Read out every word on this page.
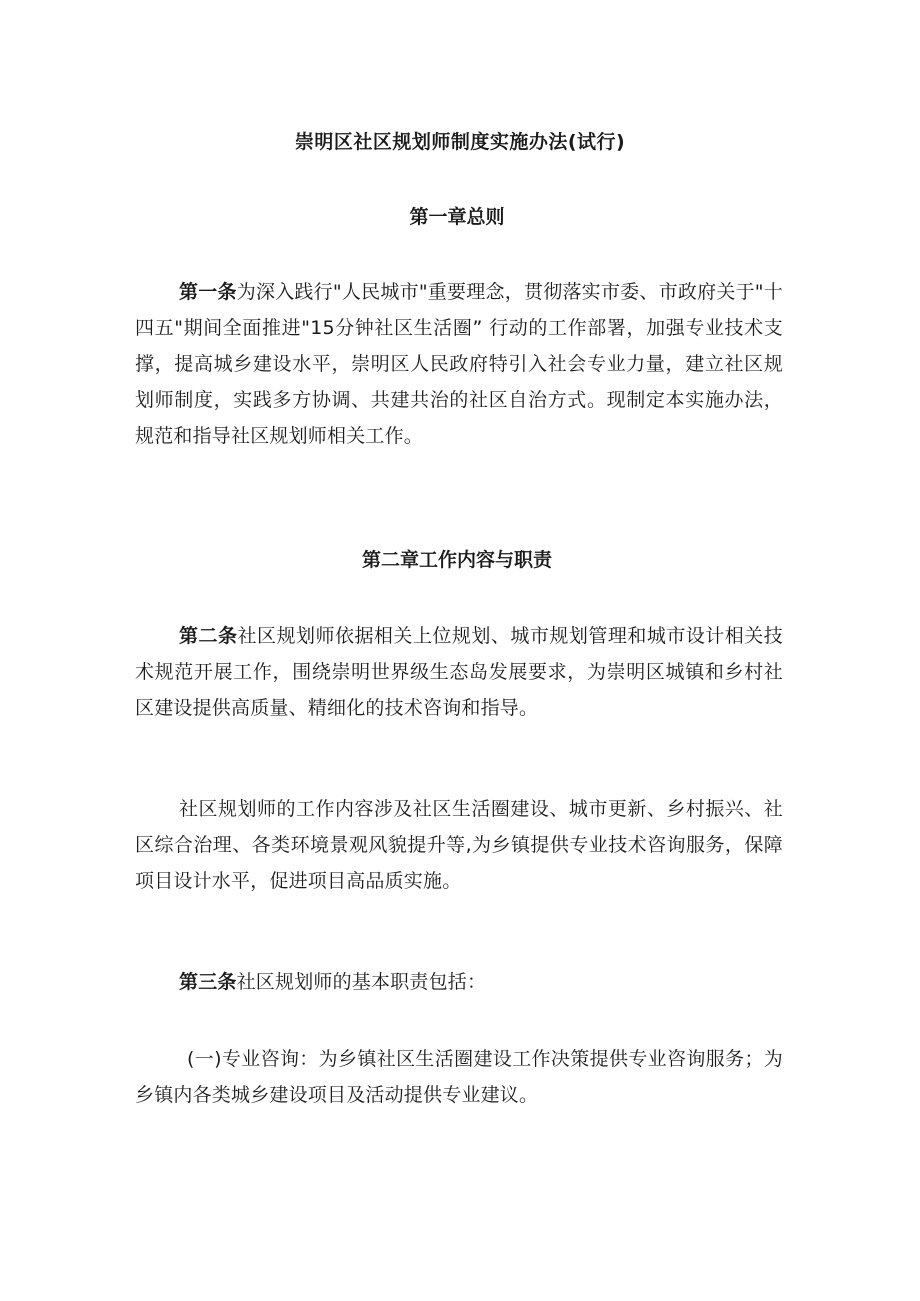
崇明区社区规划师制度实施办法(试行)
第一章总则
第一条为深入践行"人民城市"重要理念，贯彻落实市委、市政府关于"十四五"期间全面推进"15分钟社区生活圈” 行动的工作部署，加强专业技术支撑，提高城乡建设水平，崇明区人民政府特引入社会专业力量，建立社区规划师制度，实践多方协调、共建共治的社区自治方式。现制定本实施办法，规范和指导社区规划师相关工作。
第二章工作内容与职责
第二条社区规划师依据相关上位规划、城市规划管理和城市设计相关技术规范开展工作，围绕崇明世界级生态岛发展要求，为崇明区城镇和乡村社区建设提供高质量、精细化的技术咨询和指导。
社区规划师的工作内容涉及社区生活圈建设、城市更新、乡村振兴、社区综合治理、各类环境景观风貌提升等,为乡镇提供专业技术咨询服务，保障项目设计水平，促进项目高品质实施。
第三条社区规划师的基本职责包括：
(一)专业咨询：为乡镇社区生活圈建设工作决策提供专业咨询服务；为乡镇内各类城乡建设项目及活动提供专业建议。
